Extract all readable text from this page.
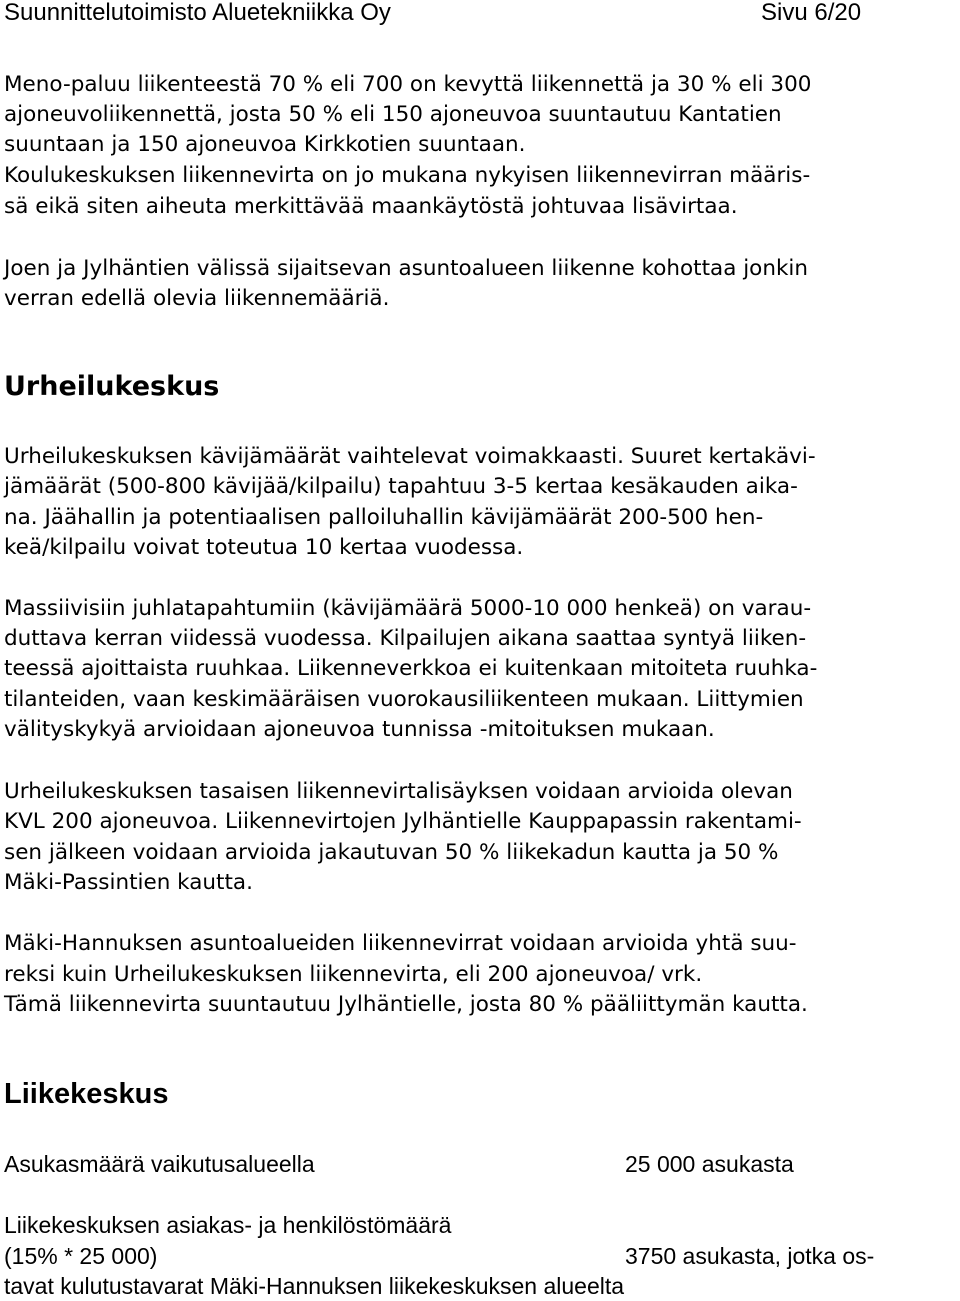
Suunnittelutoimisto Aluetekniikka Oy	Sivu 6/20
Meno-paluu liikenteestä 70 % eli 700 on kevyttä liikennettä ja 30 % eli 300
ajoneuvoliikennettä, josta 50 % eli 150 ajoneuvoa suuntautuu Kantatien
suuntaan ja 150 ajoneuvoa Kirkkotien suuntaan.
Koulukeskuksen liikennevirta on jo mukana nykyisen liikennevirran määris-
sä eikä siten aiheuta merkittävää maankäytöstä johtuvaa lisävirtaa.
Joen ja Jylhäntien välissä sijaitsevan asuntoalueen liikenne kohottaa jonkin
verran edellä olevia liikennemääriä.
Urheilukeskus
Urheilukeskuksen kävijämäärät vaihtelevat voimakkaasti. Suuret kertakävi-
jämäärät (500-800 kävijää/kilpailu) tapahtuu 3-5 kertaa kesäkauden aika-
na. Jäähallin ja potentiaalisen palloiluhallin kävijämäärät 200-500 hen-
keä/kilpailu voivat toteutua 10 kertaa vuodessa.
Massiivisiin juhlatapahtumiin (kävijämäärä 5000-10 000 henkeä) on varau-
duttava kerran viidessä vuodessa. Kilpailujen aikana saattaa syntyä liiken-
teessä ajoittaista ruuhkaa. Liikenneverkkoa ei kuitenkaan mitoiteta ruuhka-
tilanteiden, vaan keskimääräisen vuorokausiliikenteen mukaan. Liittymien
välityskykyä arvioidaan ajoneuvoa tunnissa -mitoituksen mukaan.
Urheilukeskuksen tasaisen liikennevirtalisäyksen voidaan arvioida olevan
KVL 200 ajoneuvoa. Liikennevirtojen Jylhäntielle Kauppapassin rakentami-
sen jälkeen voidaan arvioida jakautuvan 50 % liikekadun kautta ja 50 %
Mäki-Passintien kautta.
Mäki-Hannuksen asuntoalueiden liikennevirrat voidaan arvioida yhtä suu-
reksi kuin Urheilukeskuksen liikennevirta, eli 200 ajoneuvoa/ vrk.
Tämä liikennevirta suuntautuu Jylhäntielle, josta 80 % pääliittymän kautta.
Liikekeskus
Asukasmäärä vaikutusalueella	25 000 asukasta
Liikekeskuksen asiakas- ja henkilöstömäärä
(15% * 25 000)	3750 asukasta, jotka os-
tavat kulutustavarat Mäki-Hannuksen liikekeskuksen alueelta
